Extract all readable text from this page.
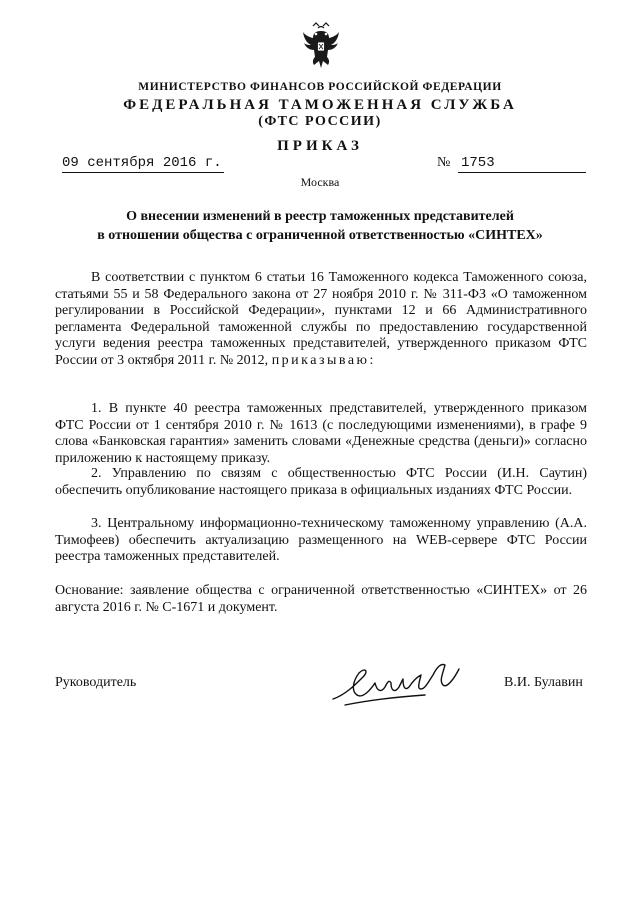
МИНИСТЕРСТВО ФИНАНСОВ РОССИЙСКОЙ ФЕДЕРАЦИИ
ФЕДЕРАЛЬНАЯ ТАМОЖЕННАЯ СЛУЖБА
(ФТС РОССИИ)
ПРИКАЗ
09 сентября 2016 г.	№ 1753
Москва
О внесении изменений в реестр таможенных представителей
в отношении общества с ограниченной ответственностью «СИНТЕХ»

В соответствии с пунктом 6 статьи 16 Таможенного кодекса Таможенного союза, статьями 55 и 58 Федерального закона от 27 ноября 2010 г. № 311-ФЗ «О таможенном регулировании в Российской Федерации», пунктами 12 и 66 Административного регламента Федеральной таможенной службы по предоставлению государственной услуги ведения реестра таможенных представителей, утвержденного приказом ФТС России от 3 октября 2011 г. № 2012, приказываю:

1. В пункте 40 реестра таможенных представителей, утвержденного приказом ФТС России от 1 сентября 2010 г. № 1613 (с последующими изменениями), в графе 9 слова «Банковская гарантия» заменить словами «Денежные средства (деньги)» согласно приложению к настоящему приказу.

2. Управлению по связям с общественностью ФТС России (И.Н. Саутин) обеспечить опубликование настоящего приказа в официальных изданиях ФТС России.

3. Центральному информационно-техническому таможенному управлению (А.А. Тимофеев) обеспечить актуализацию размещенного на WEB-сервере ФТС России реестра таможенных представителей.

Основание: заявление общества с ограниченной ответственностью «СИНТЕХ» от 26 августа 2016 г. № С-1671 и документ.

Руководитель	В.И. Булавин
